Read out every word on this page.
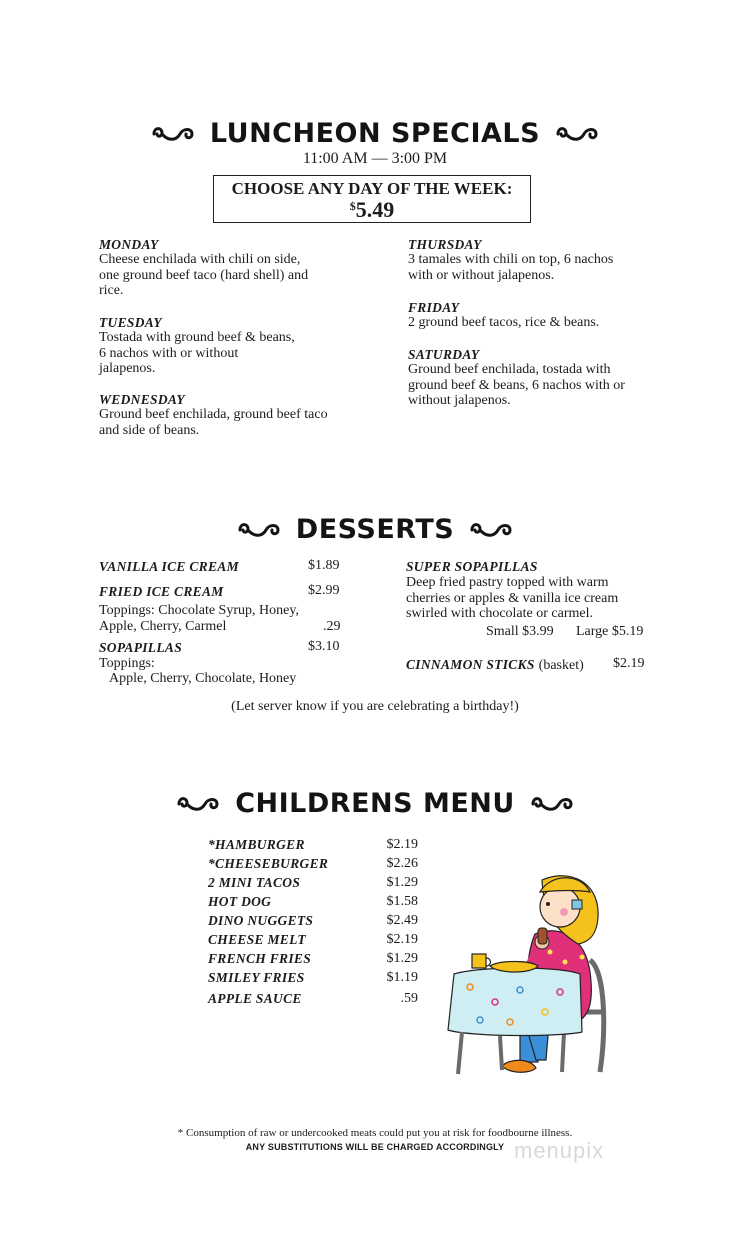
LUNCHEON SPECIALS
11:00 AM — 3:00 PM
CHOOSE ANY DAY OF THE WEEK:
$5.49
MONDAY
Cheese enchilada with chili on side,
one ground beef taco (hard shell) and
rice.
TUESDAY
Tostada with ground beef & beans,
6 nachos with or without
jalapenos.
WEDNESDAY
Ground beef enchilada, ground beef taco
and side of beans.
THURSDAY
3 tamales with chili on top, 6 nachos
with or without jalapenos.
FRIDAY
2 ground beef tacos, rice & beans.
SATURDAY
Ground beef enchilada, tostada with
ground beef & beans, 6 nachos with or
without jalapenos.
DESSERTS
VANILLA ICE CREAM	$1.89
FRIED ICE CREAM	$2.99
Toppings: Chocolate Syrup, Honey,
Apple, Cherry, Carmel	.29
SOPAPILLAS	$3.10
Toppings:
Apple, Cherry, Chocolate, Honey
SUPER SOPAPILLAS
Deep fried pastry topped with warm
cherries or apples & vanilla ice cream
swirled with chocolate or carmel.
Small $3.99 Large $5.19
CINNAMON STICKS (basket) $2.19
(Let server know if you are celebrating a birthday!)
CHILDRENS MENU
*HAMBURGER	$2.19
*CHEESEBURGER	$2.26
2 MINI TACOS	$1.29
HOT DOG	$1.58
DINO NUGGETS	$2.49
CHEESE MELT	$2.19
FRENCH FRIES	$1.29
SMILEY FRIES	$1.19
APPLE SAUCE	.59
* Consumption of raw or undercooked meats could put you at risk for foodbourne illness.
ANY SUBSTITUTIONS WILL BE CHARGED ACCORDINGLY menupix
